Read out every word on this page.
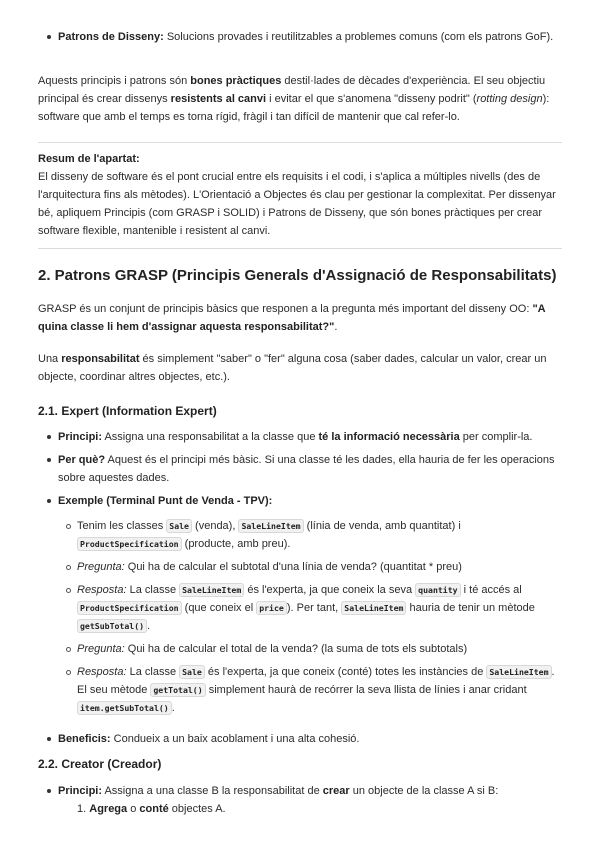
Patrons de Disseny: Solucions provades i reutilitzables a problemes comuns (com els patrons GoF).

Aquests principis i patrons són bones pràctiques destil·lades de dècades d'experiència. El seu objectiu principal és crear dissenys resistents al canvi i evitar el que s'anomena "disseny podrit" (rotting design): software que amb el temps es torna rígid, fràgil i tan difícil de mantenir que cal refer-lo.

Resum de l'apartat:
El disseny de software és el pont crucial entre els requisits i el codi, i s'aplica a múltiples nivells (des de l'arquitectura fins als mètodes). L'Orientació a Objectes és clau per gestionar la complexitat. Per dissenyar bé, apliquem Principis (com GRASP i SOLID) i Patrons de Disseny, que són bones pràctiques per crear software flexible, mantenible i resistent al canvi.
2. Patrons GRASP (Principis Generals d'Assignació de Responsabilitats)

GRASP és un conjunt de principis bàsics que responen a la pregunta més important del disseny OO: "A quina classe li hem d'assignar aquesta responsabilitat?".

Una responsabilitat és simplement "saber" o "fer" alguna cosa (saber dades, calcular un valor, crear un objecte, coordinar altres objectes, etc.).

2.1. Expert (Information Expert)
Principi: Assigna una responsabilitat a la classe que té la informació necessària per complir-la.
Per què? Aquest és el principi més bàsic. Si una classe té les dades, ella hauria de fer les operacions sobre aquestes dades.
Exemple (Terminal Punt de Venda - TPV):
Tenim les classes Sale (venda), SaleLineItem (línia de venda, amb quantitat) i ProductSpecification (producte, amb preu).
Pregunta: Qui ha de calcular el subtotal d'una línia de venda? (quantitat * preu)
Resposta: La classe SaleLineItem és l'experta, ja que coneix la seva quantity i té accés al ProductSpecification (que coneix el price ). Per tant, SaleLineItem hauria de tenir un mètode getSubTotal() .
Pregunta: Qui ha de calcular el total de la venda? (la suma de tots els subtotals)
Resposta: La classe Sale és l'experta, ja que coneix (conté) totes les instàncies de SaleLineItem . El seu mètode getTotal() simplement haurà de recórrer la seva llista de línies i anar cridant item.getSubTotal() .
Beneficis: Condueix a un baix acoblament i una alta cohesió.
2.2. Creator (Creador)
Principi: Assigna a una classe B la responsabilitat de crear un objecte de la classe A si B:
1. Agrega o conté objectes A.
